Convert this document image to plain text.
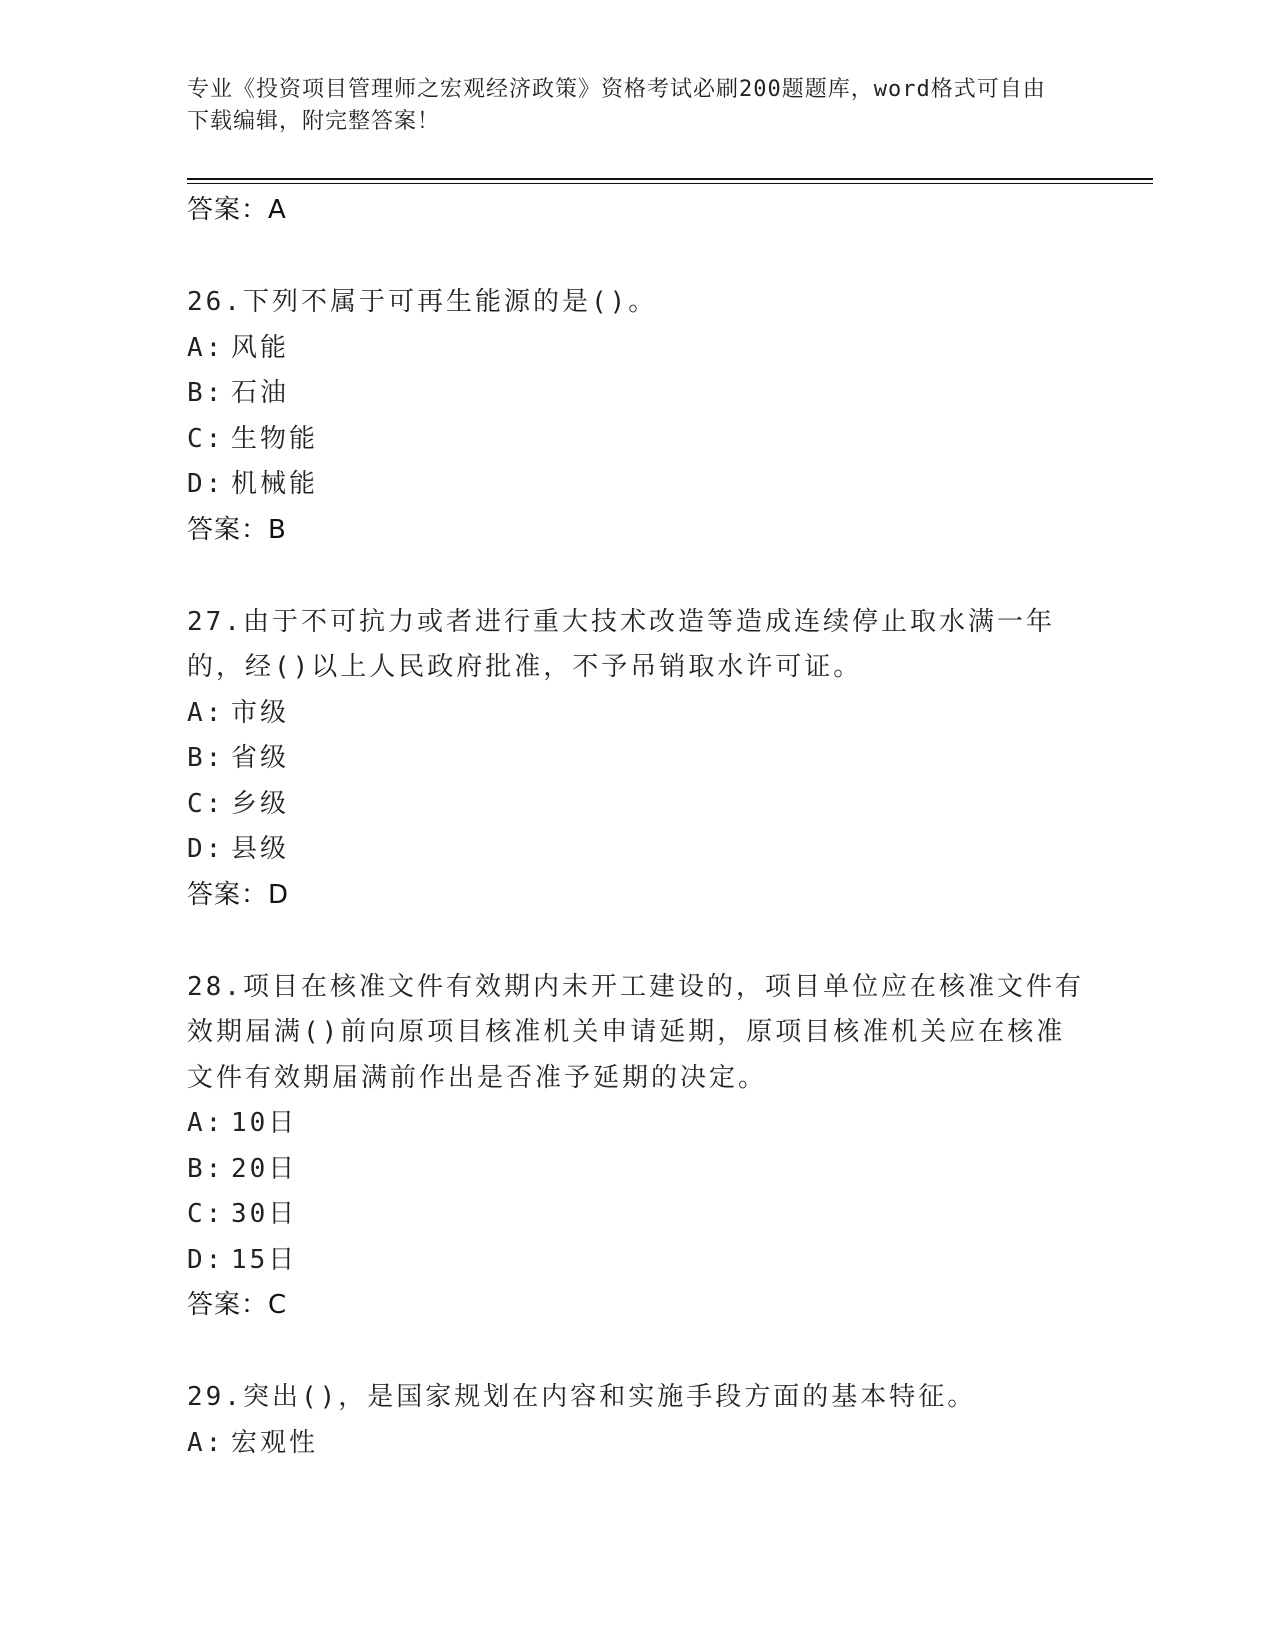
专业《投资项目管理师之宏观经济政策》资格考试必刷200题题库，word格式可自由下载编辑，附完整答案！
答案：A
26.下列不属于可再生能源的是()。
A: 风能
B: 石油
C: 生物能
D: 机械能
答案：B
27.由于不可抗力或者进行重大技术改造等造成连续停止取水满一年的，经()以上人民政府批准，不予吊销取水许可证。
A: 市级
B: 省级
C: 乡级
D: 县级
答案：D
28.项目在核准文件有效期内未开工建设的，项目单位应在核准文件有效期届满()前向原项目核准机关申请延期，原项目核准机关应在核准文件有效期届满前作出是否准予延期的决定。
A: 10日
B: 20日
C: 30日
D: 15日
答案：C
29.突出()，是国家规划在内容和实施手段方面的基本特征。
A: 宏观性
